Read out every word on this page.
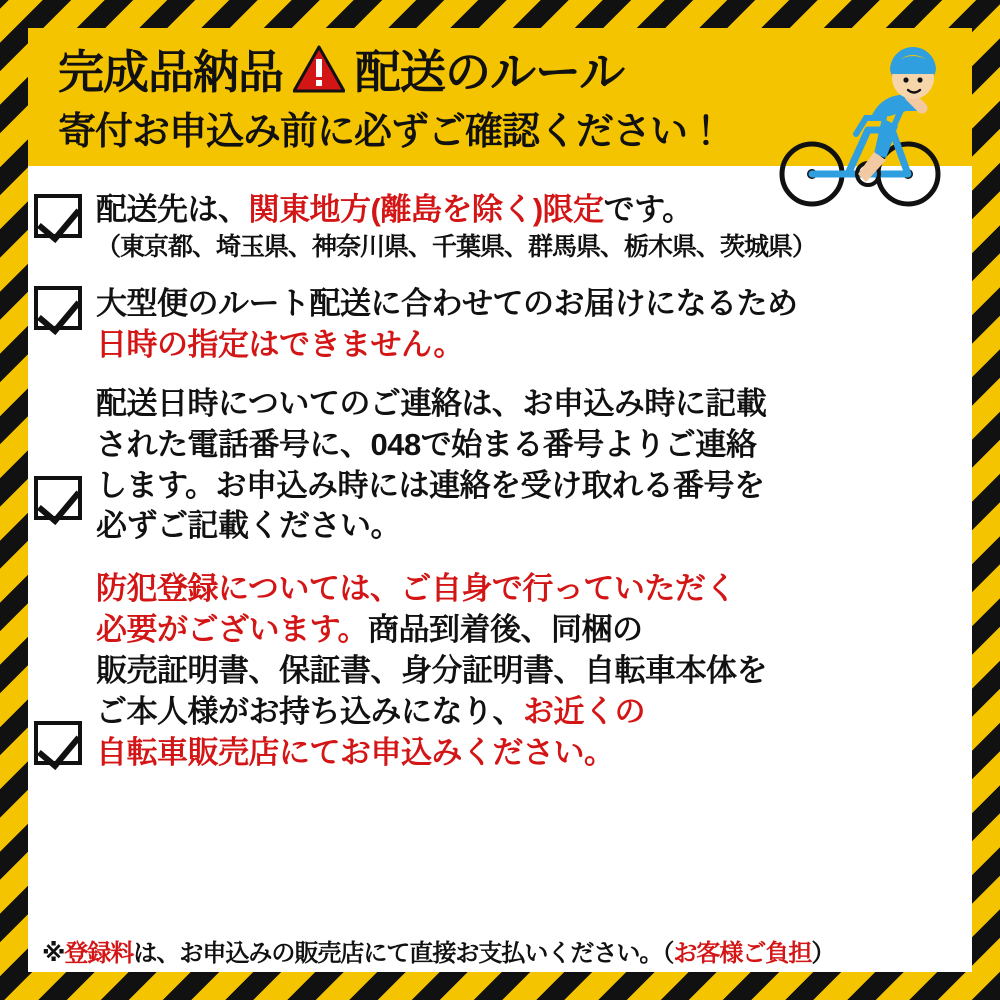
完成品納品 配送のルール
寄付お申込み前に必ずご確認ください！
配送先は、関東地方(離島を除く)限定です。
（東京都、埼玉県、神奈川県、千葉県、群馬県、栃木県、茨城県）
大型便のルート配送に合わせてのお届けになるため
日時の指定はできません。
配送日時についてのご連絡は、お申込み時に記載
された電話番号に、048で始まる番号よりご連絡
します。お申込み時には連絡を受け取れる番号を
必ずご記載ください。
防犯登録については、ご自身で行っていただく
必要がございます。商品到着後、同梱の
販売証明書、保証書、身分証明書、自転車本体を
ご本人様がお持ち込みになり、お近くの
自転車販売店にてお申込みください。
※登録料は、お申込みの販売店にて直接お支払いください。（お客様ご負担）
